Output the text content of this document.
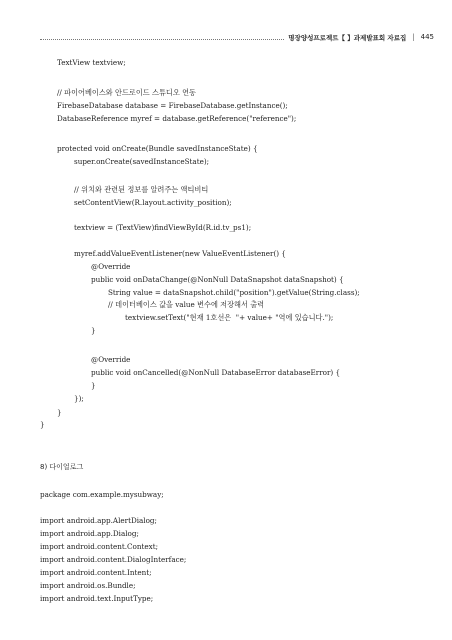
명장양성프로젝트【 】과제발표회 자료집 | 445
TextView textview;
// 파이어베이스와 안드로이드 스튜디오 연동
FirebaseDatabase database = FirebaseDatabase.getInstance();
DatabaseReference myref = database.getReference("reference");
protected void onCreate(Bundle savedInstanceState) {
super.onCreate(savedInstanceState);
// 위치와 관련된 정보를 알려주는 액티비티
setContentView(R.layout.activity_position);
textview = (TextView)findViewById(R.id.tv_ps1);
myref.addValueEventListener(new ValueEventListener() {
@Override
public void onDataChange(@NonNull DataSnapshot dataSnapshot) {
String value = dataSnapshot.child("position").getValue(String.class);
// 데이터베이스 값을 value 변수에 저장해서 출력
textview.setText("현재 1호선은  "+ value+ "역에 있습니다.");
}
@Override
public void onCancelled(@NonNull DatabaseError databaseError) {
}
});
}
}
8) 다이얼로그
package com.example.mysubway;
import android.app.AlertDialog;
import android.app.Dialog;
import android.content.Context;
import android.content.DialogInterface;
import android.content.Intent;
import android.os.Bundle;
import android.text.InputType;
